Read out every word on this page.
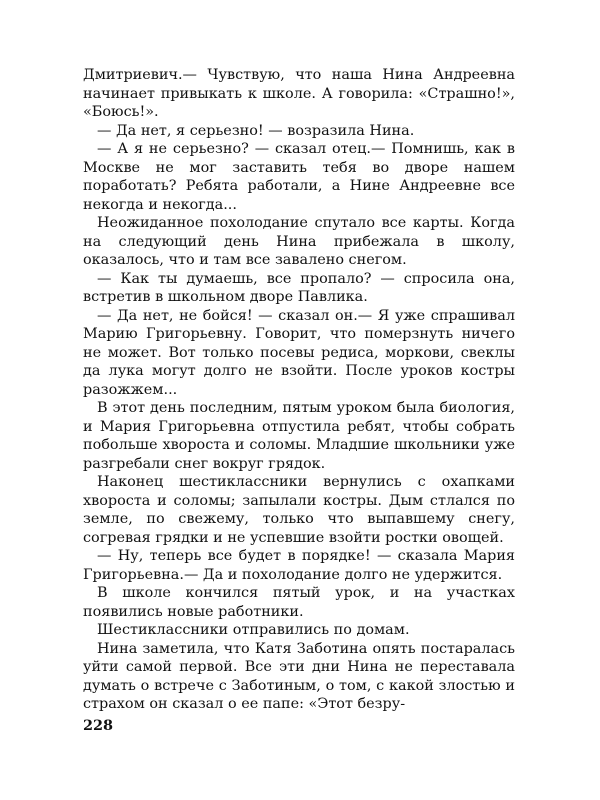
Дмитриевич.— Чувствую, что наша Нина Андреевна начинает привыкать к школе. А говорила: «Страшно!», «Боюсь!».

— Да нет, я серьезно! — возразила Нина.

— А я не серьезно? — сказал отец.— Помнишь, как в Москве не мог заставить тебя во дворе нашем поработать? Ребята работали, а Нине Андреевне все некогда и некогда...

Неожиданное похолодание спутало все карты. Когда на следующий день Нина прибежала в школу, оказалось, что и там все завалено снегом.

— Как ты думаешь, все пропало? — спросила она, встретив в школьном дворе Павлика.

— Да нет, не бойся! — сказал он.— Я уже спрашивал Марию Григорьевну. Говорит, что померзнуть ничего не может. Вот только посевы редиса, моркови, свеклы да лука могут долго не взойти. После уроков костры разожжем...

В этот день последним, пятым уроком была биология, и Мария Григорьевна отпустила ребят, чтобы собрать побольше хвороста и соломы. Младшие школьники уже разгребали снег вокруг грядок.

Наконец шестиклассники вернулись с охапками хвороста и соломы; запылали костры. Дым стлался по земле, по свежему, только что выпавшему снегу, согревая грядки и не успевшие взойти ростки овощей.

— Ну, теперь все будет в порядке! — сказала Мария Григорьевна.— Да и похолодание долго не удержится.

В школе кончился пятый урок, и на участках появились новые работники.

Шестиклассники отправились по домам.

Нина заметила, что Катя Заботина опять постаралась уйти самой первой. Все эти дни Нина не переставала думать о встрече с Заботиным, о том, с какой злостью и страхом он сказал о ее папе: «Этот безру-

228
